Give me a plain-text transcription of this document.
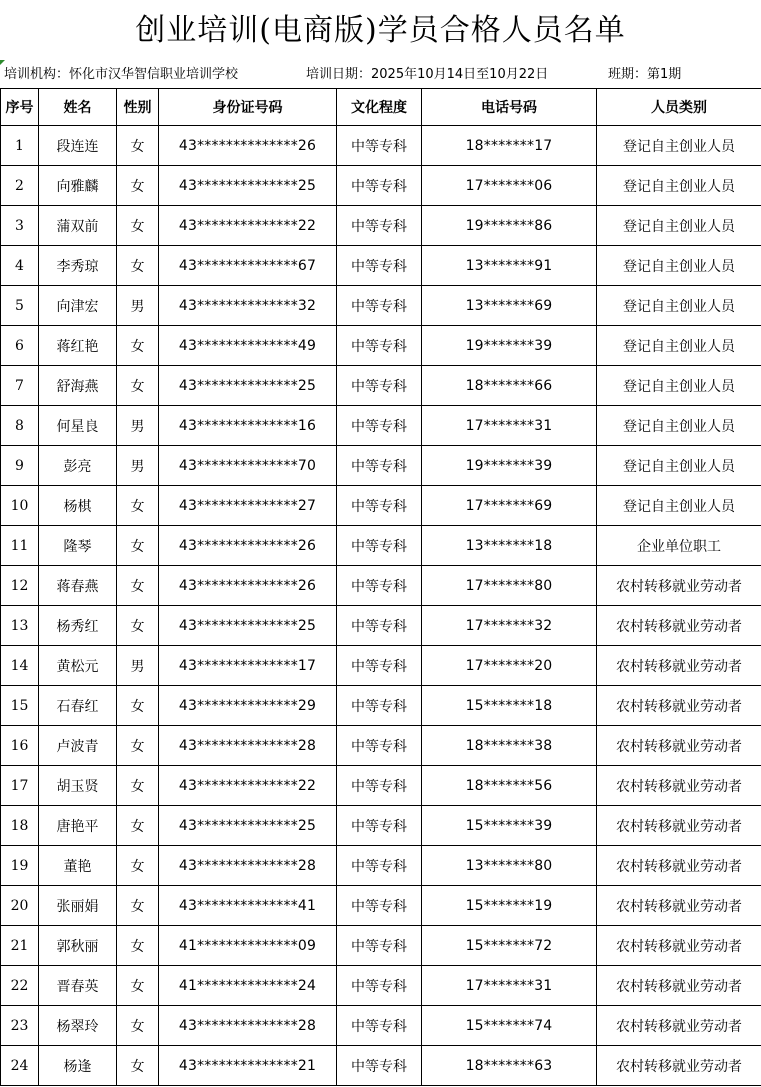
创业培训(电商版)学员合格人员名单
培训机构：怀化市汉华智信职业培训学校	培训日期：2025年10月14日至10月22日	班期：第1期
序号	姓名	性别	身份证号码	文化程度	电话号码	人员类别
1	段连连	女	43**************26	中等专科	18*******17	登记自主创业人员
2	向雅麟	女	43**************25	中等专科	17*******06	登记自主创业人员
3	蒲双前	女	43**************22	中等专科	19*******86	登记自主创业人员
4	李秀琼	女	43**************67	中等专科	13*******91	登记自主创业人员
5	向津宏	男	43**************32	中等专科	13*******69	登记自主创业人员
6	蒋红艳	女	43**************49	中等专科	19*******39	登记自主创业人员
7	舒海燕	女	43**************25	中等专科	18*******66	登记自主创业人员
8	何星良	男	43**************16	中等专科	17*******31	登记自主创业人员
9	彭亮	男	43**************70	中等专科	19*******39	登记自主创业人员
10	杨棋	女	43**************27	中等专科	17*******69	登记自主创业人员
11	隆琴	女	43**************26	中等专科	13*******18	企业单位职工
12	蒋春燕	女	43**************26	中等专科	17*******80	农村转移就业劳动者
13	杨秀红	女	43**************25	中等专科	17*******32	农村转移就业劳动者
14	黄松元	男	43**************17	中等专科	17*******20	农村转移就业劳动者
15	石春红	女	43**************29	中等专科	15*******18	农村转移就业劳动者
16	卢波青	女	43**************28	中等专科	18*******38	农村转移就业劳动者
17	胡玉贤	女	43**************22	中等专科	18*******56	农村转移就业劳动者
18	唐艳平	女	43**************25	中等专科	15*******39	农村转移就业劳动者
19	董艳	女	43**************28	中等专科	13*******80	农村转移就业劳动者
20	张丽娟	女	43**************41	中等专科	15*******19	农村转移就业劳动者
21	郭秋丽	女	41**************09	中等专科	15*******72	农村转移就业劳动者
22	晋春英	女	41**************24	中等专科	17*******31	农村转移就业劳动者
23	杨翠玲	女	43**************28	中等专科	15*******74	农村转移就业劳动者
24	杨逢	女	43**************21	中等专科	18*******63	农村转移就业劳动者
